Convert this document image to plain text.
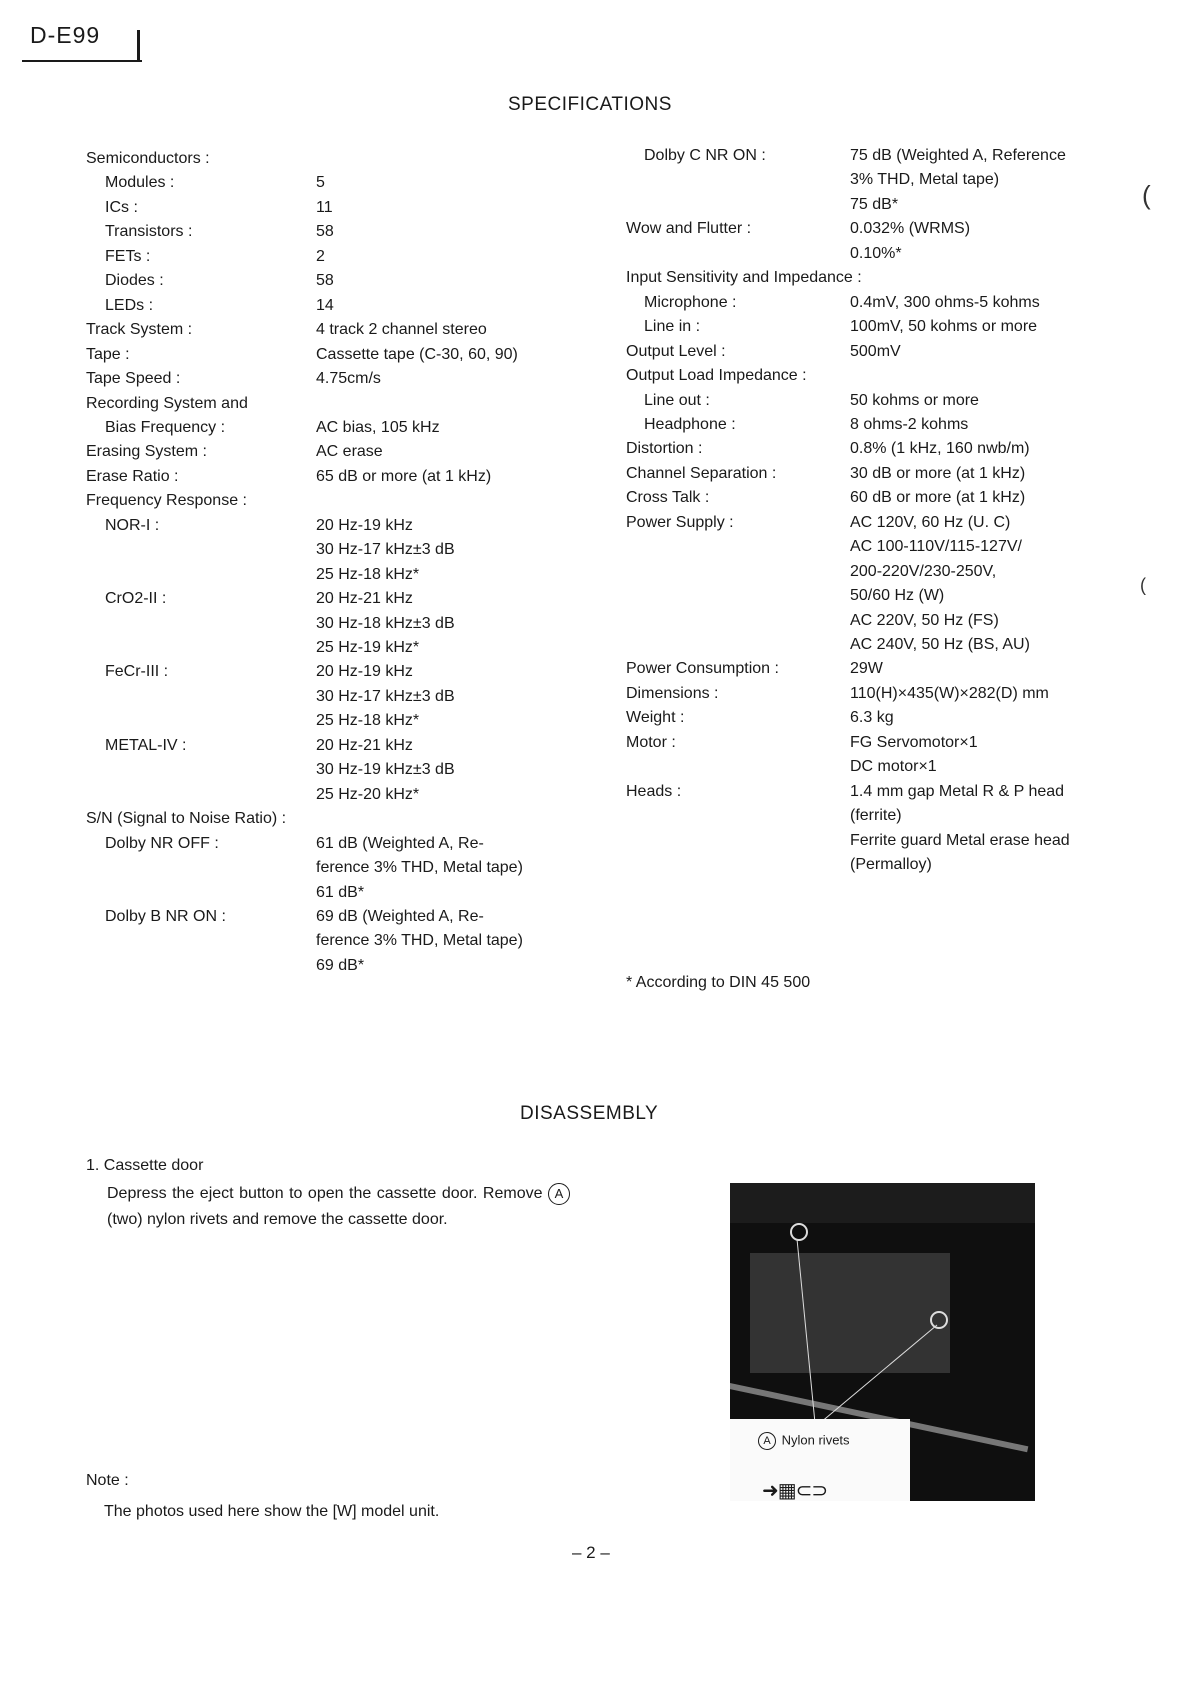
D-E99
SPECIFICATIONS
Semiconductors :
Modules :	5
ICs :	11
Transistors :	58
FETs :	2
Diodes :	58
LEDs :	14
Track System :	4 track 2 channel stereo
Tape :	Cassette tape (C-30, 60, 90)
Tape Speed :	4.75cm/s
Recording System and
Bias Frequency :	AC bias, 105 kHz
Erasing System :	AC erase
Erase Ratio :	65 dB or more (at 1 kHz)
Frequency Response :
NOR-I :	20 Hz-19 kHz
30 Hz-17 kHz±3 dB
25 Hz-18 kHz*
CrO2-II :	20 Hz-21 kHz
30 Hz-18 kHz±3 dB
25 Hz-19 kHz*
FeCr-III :	20 Hz-19 kHz
30 Hz-17 kHz±3 dB
25 Hz-18 kHz*
METAL-IV :	20 Hz-21 kHz
30 Hz-19 kHz±3 dB
25 Hz-20 kHz*
S/N (Signal to Noise Ratio) :
Dolby NR OFF :	61 dB (Weighted A, Re-
ference 3% THD, Metal tape)
61 dB*
Dolby B NR ON :	69 dB (Weighted A, Re-
ference 3% THD, Metal tape)
69 dB*
Dolby C NR ON :	75 dB (Weighted A, Reference
3% THD, Metal tape)
75 dB*
Wow and Flutter :	0.032% (WRMS)
0.10%*
Input Sensitivity and Impedance :
Microphone :	0.4mV, 300 ohms-5 kohms
Line in :	100mV, 50 kohms or more
Output Level :	500mV
Output Load Impedance :
Line out :	50 kohms or more
Headphone :	8 ohms-2 kohms
Distortion :	0.8% (1 kHz, 160 nwb/m)
Channel Separation :	30 dB or more (at 1 kHz)
Cross Talk :	60 dB or more (at 1 kHz)
Power Supply :	AC 120V, 60 Hz (U. C)
AC 100-110V/115-127V/
200-220V/230-250V,
50/60 Hz (W)
AC 220V, 50 Hz (FS)
AC 240V, 50 Hz (BS, AU)
Power Consumption :	29W
Dimensions :	110(H)×435(W)×282(D) mm
Weight :	6.3 kg
Motor :	FG Servomotor×1
DC motor×1
Heads :	1.4 mm gap Metal R & P head
(ferrite)
Ferrite guard Metal erase head
(Permalloy)
* According to DIN 45 500
DISASSEMBLY
1. Cassette door
Depress the eject button to open the cassette door. Remove A (two) nylon rivets and remove the cassette door.
A Nylon rivets
➜▦⊂⊃
Note :
The photos used here show the [W] model unit.
– 2 –
(
(
